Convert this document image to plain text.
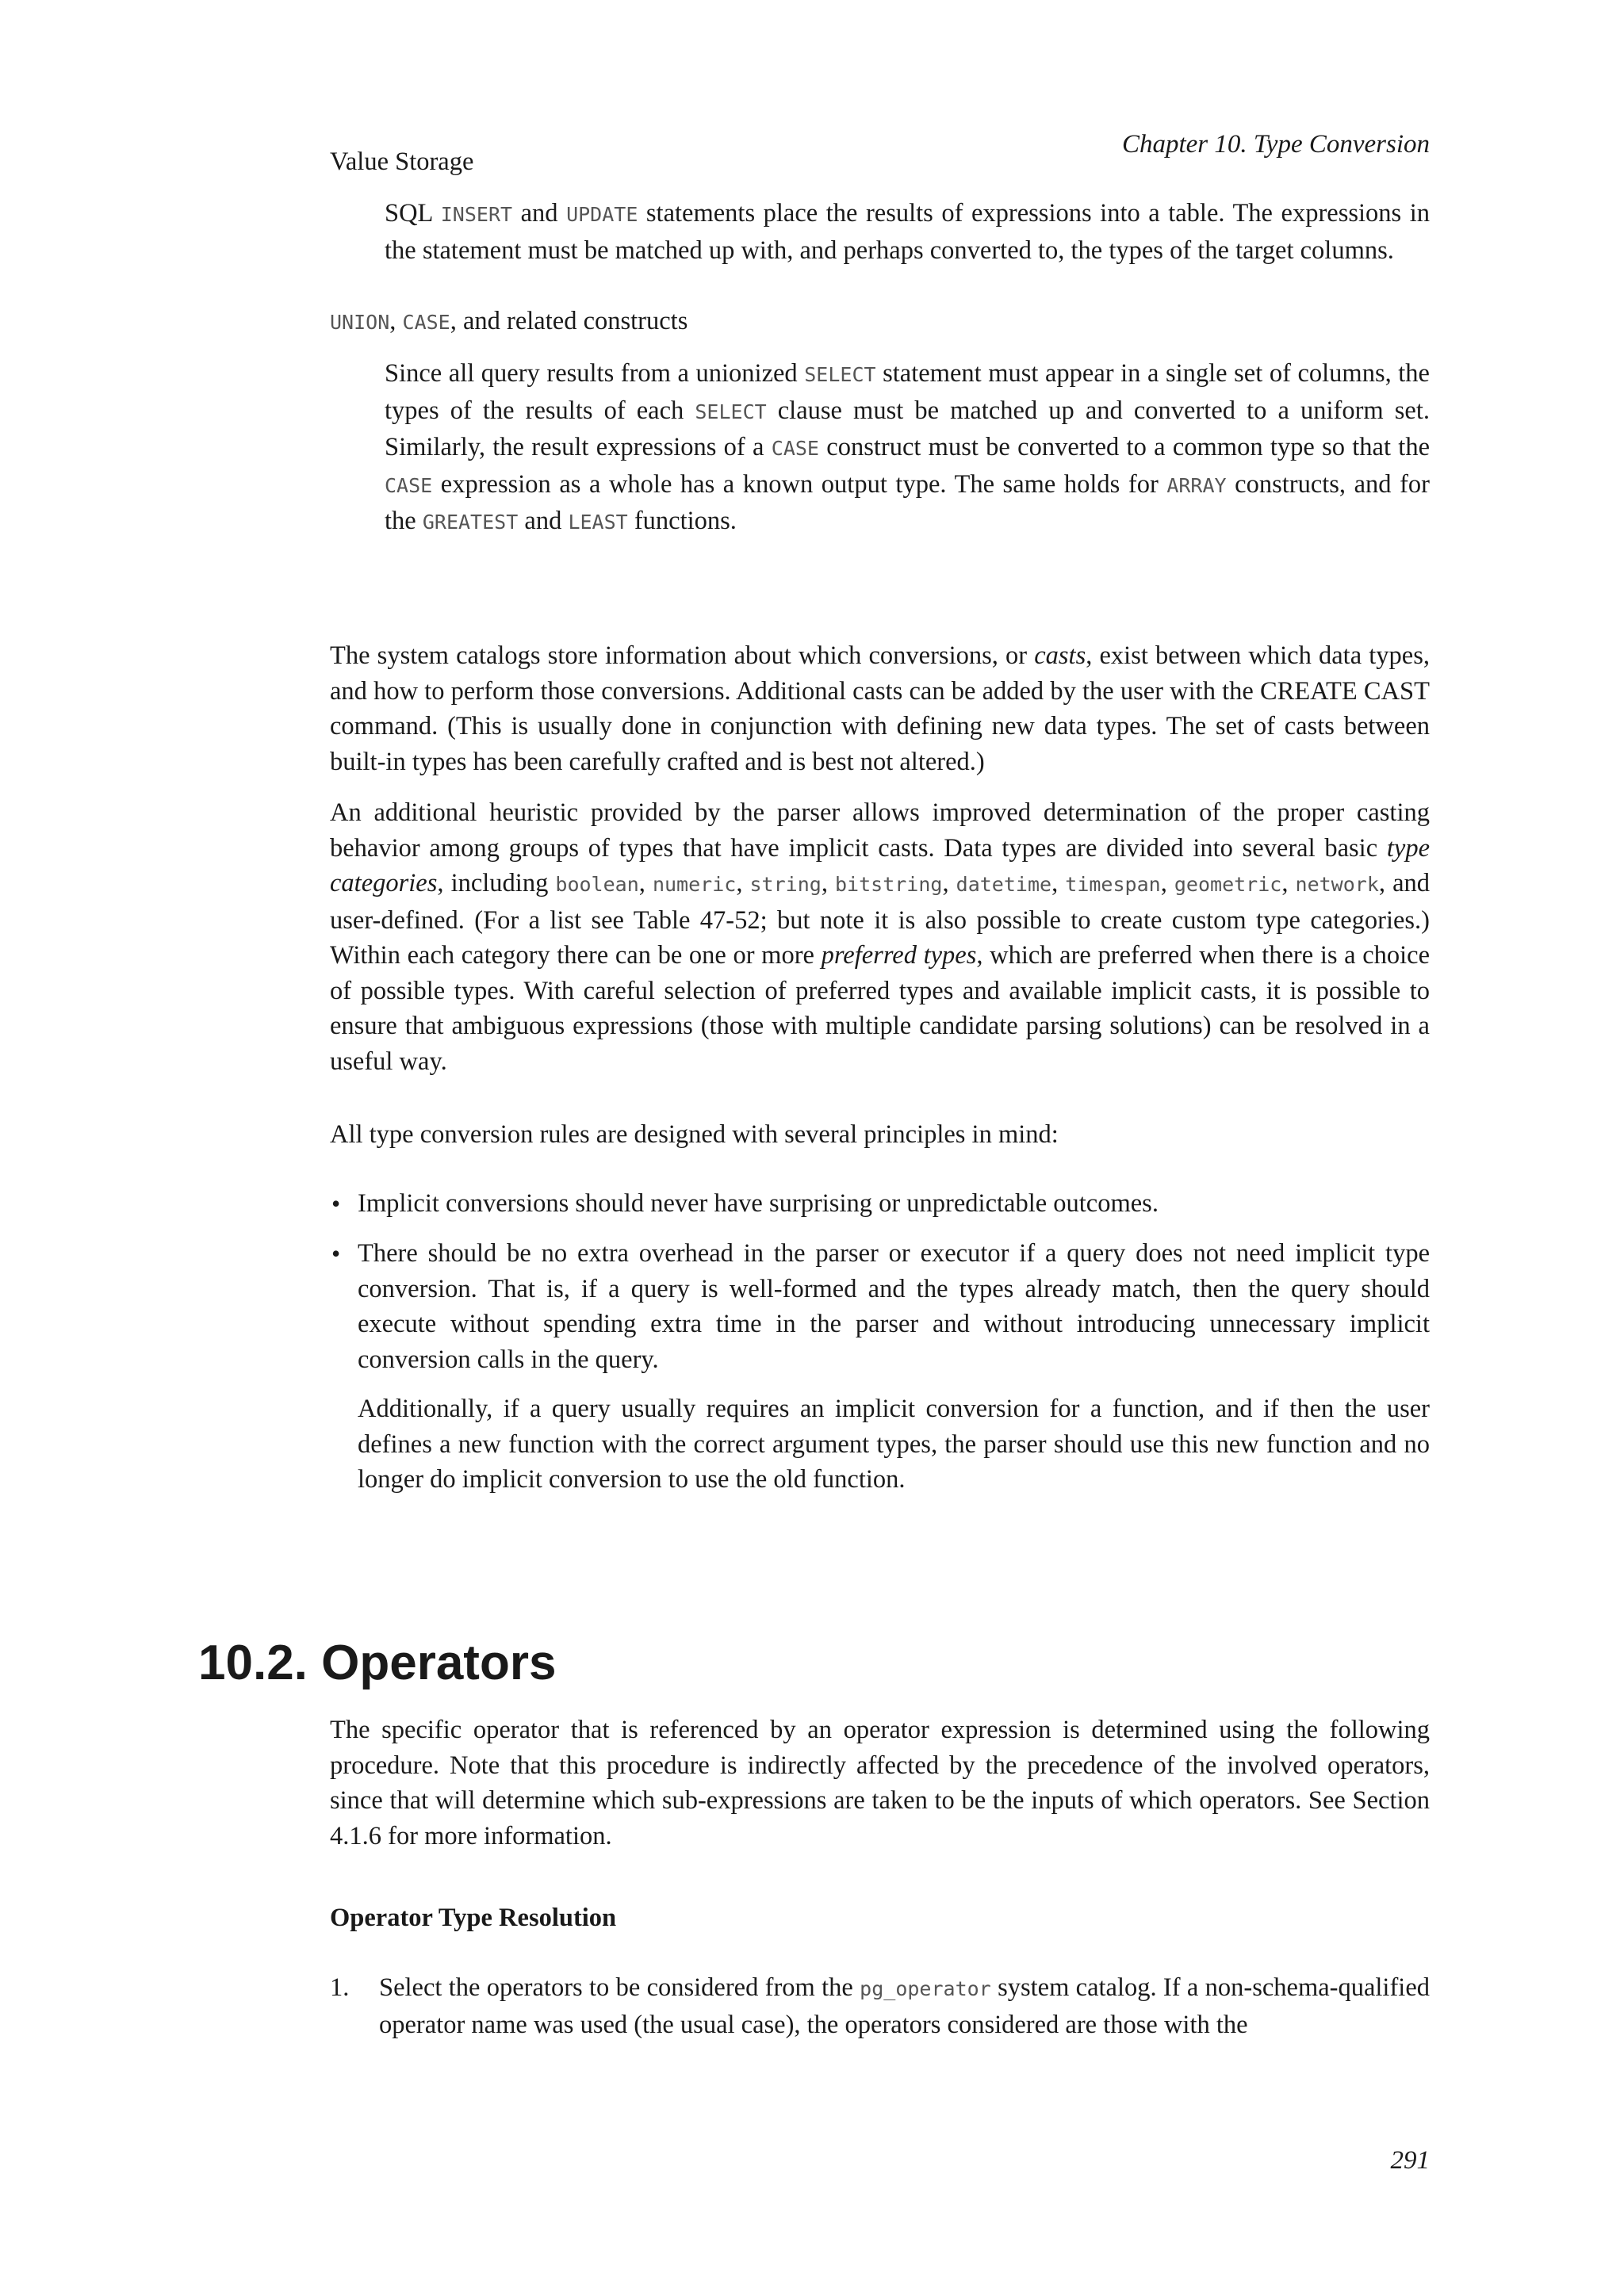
Chapter 10. Type Conversion
Value Storage

SQL INSERT and UPDATE statements place the results of expressions into a table. The expressions in the statement must be matched up with, and perhaps converted to, the types of the target columns.

UNION, CASE, and related constructs

Since all query results from a unionized SELECT statement must appear in a single set of columns, the types of the results of each SELECT clause must be matched up and converted to a uniform set. Similarly, the result expressions of a CASE construct must be converted to a common type so that the CASE expression as a whole has a known output type. The same holds for ARRAY constructs, and for the GREATEST and LEAST functions.

The system catalogs store information about which conversions, or casts, exist between which data types, and how to perform those conversions. Additional casts can be added by the user with the CREATE CAST command. (This is usually done in conjunction with defining new data types. The set of casts between built-in types has been carefully crafted and is best not altered.)

An additional heuristic provided by the parser allows improved determination of the proper casting behavior among groups of types that have implicit casts. Data types are divided into several basic type categories, including boolean, numeric, string, bitstring, datetime, timespan, geometric, network, and user-defined. (For a list see Table 47-52; but note it is also possible to create custom type categories.) Within each category there can be one or more preferred types, which are preferred when there is a choice of possible types. With careful selection of preferred types and available implicit casts, it is possible to ensure that ambiguous expressions (those with multiple candidate parsing solutions) can be resolved in a useful way.

All type conversion rules are designed with several principles in mind:

• Implicit conversions should never have surprising or unpredictable outcomes.

• There should be no extra overhead in the parser or executor if a query does not need implicit type conversion. That is, if a query is well-formed and the types already match, then the query should execute without spending extra time in the parser and without introducing unnecessary implicit conversion calls in the query.

Additionally, if a query usually requires an implicit conversion for a function, and if then the user defines a new function with the correct argument types, the parser should use this new function and no longer do implicit conversion to use the old function.

10.2. Operators

The specific operator that is referenced by an operator expression is determined using the following procedure. Note that this procedure is indirectly affected by the precedence of the involved operators, since that will determine which sub-expressions are taken to be the inputs of which operators. See Section 4.1.6 for more information.

Operator Type Resolution
1. Select the operators to be considered from the pg_operator system catalog. If a non-schema-qualified operator name was used (the usual case), the operators considered are those with the

291
